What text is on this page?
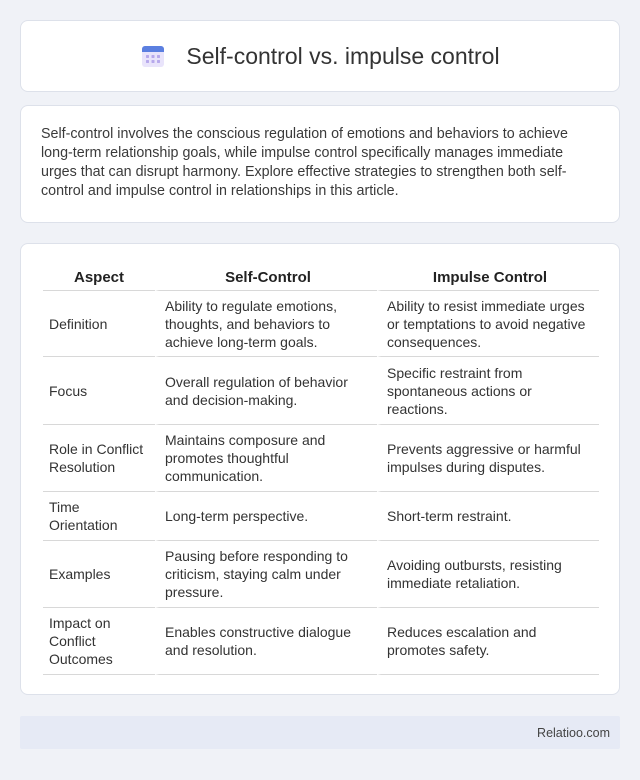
Self-control vs. impulse control

Self-control involves the conscious regulation of emotions and behaviors to achieve long-term relationship goals, while impulse control specifically manages immediate urges that can disrupt harmony. Explore effective strategies to strengthen both self-control and impulse control in relationships in this article.

Aspect	Self-Control	Impulse Control
Definition	Ability to regulate emotions, thoughts, and behaviors to achieve long-term goals.	Ability to resist immediate urges or temptations to avoid negative consequences.
Focus	Overall regulation of behavior and decision-making.	Specific restraint from spontaneous actions or reactions.
Role in Conflict Resolution	Maintains composure and promotes thoughtful communication.	Prevents aggressive or harmful impulses during disputes.
Time Orientation	Long-term perspective.	Short-term restraint.
Examples	Pausing before responding to criticism, staying calm under pressure.	Avoiding outbursts, resisting immediate retaliation.
Impact on Conflict Outcomes	Enables constructive dialogue and resolution.	Reduces escalation and promotes safety.
Relatioo.com
